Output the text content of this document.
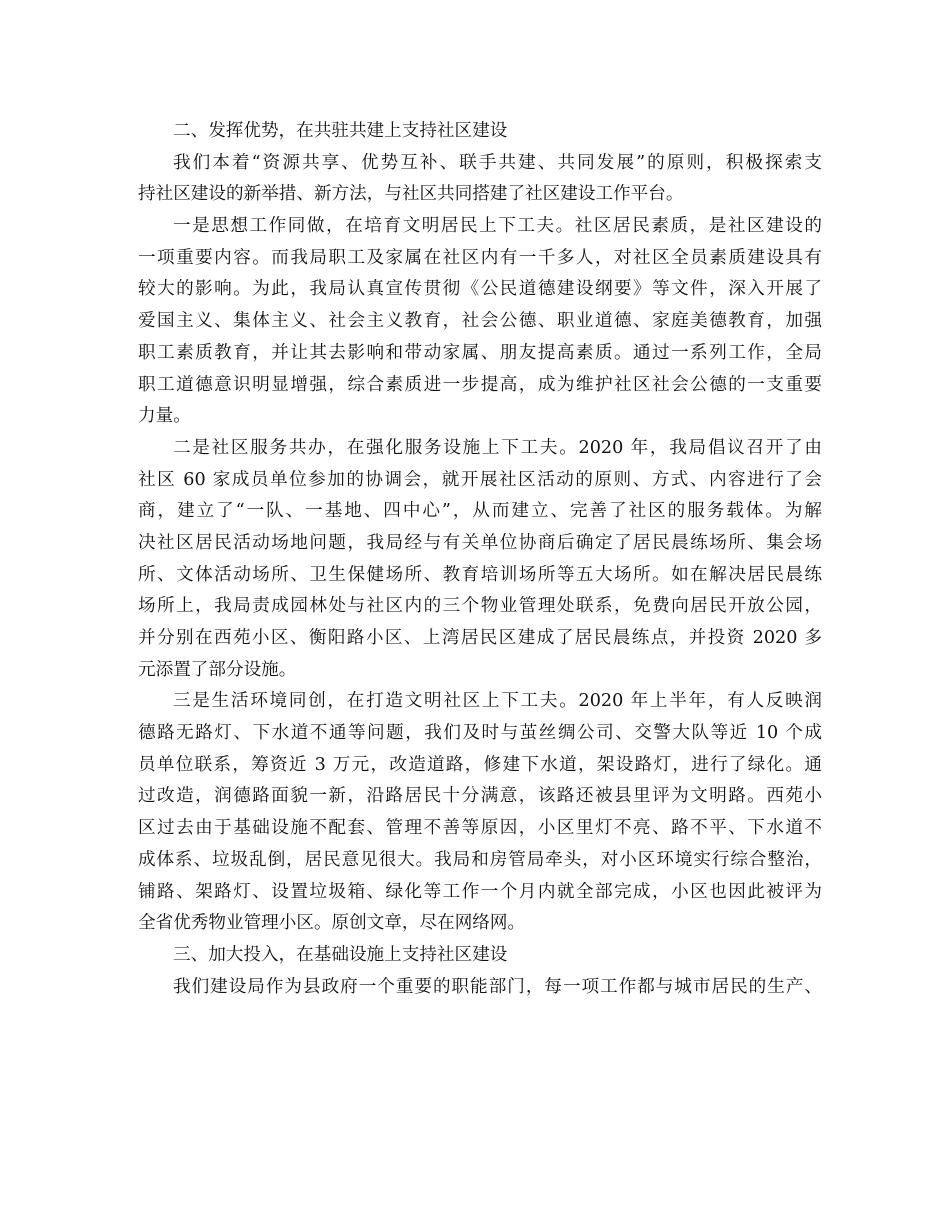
二、发挥优势，在共驻共建上支持社区建设
我们本着“资源共享、优势互补、联手共建、共同发展”的原则，积极探索支
持社区建设的新举措、新方法，与社区共同搭建了社区建设工作平台。
一是思想工作同做，在培育文明居民上下工夫。社区居民素质，是社区建设的
一项重要内容。而我局职工及家属在社区内有一千多人，对社区全员素质建设具有
较大的影响。为此，我局认真宣传贯彻《公民道德建设纲要》等文件，深入开展了
爱国主义、集体主义、社会主义教育，社会公德、职业道德、家庭美德教育，加强
职工素质教育，并让其去影响和带动家属、朋友提高素质。通过一系列工作，全局
职工道德意识明显增强，综合素质进一步提高，成为维护社区社会公德的一支重要
力量。
二是社区服务共办，在强化服务设施上下工夫。2020 年，我局倡议召开了由
社区 60 家成员单位参加的协调会，就开展社区活动的原则、方式、内容进行了会
商，建立了“一队、一基地、四中心”，从而建立、完善了社区的服务载体。为解
决社区居民活动场地问题，我局经与有关单位协商后确定了居民晨练场所、集会场
所、文体活动场所、卫生保健场所、教育培训场所等五大场所。如在解决居民晨练
场所上，我局责成园林处与社区内的三个物业管理处联系，免费向居民开放公园，
并分别在西苑小区、衡阳路小区、上湾居民区建成了居民晨练点，并投资 2020 多
元添置了部分设施。
三是生活环境同创，在打造文明社区上下工夫。2020 年上半年，有人反映润
德路无路灯、下水道不通等问题，我们及时与茧丝绸公司、交警大队等近 10 个成
员单位联系，筹资近 3 万元，改造道路，修建下水道，架设路灯，进行了绿化。通
过改造，润德路面貌一新，沿路居民十分满意，该路还被县里评为文明路。西苑小
区过去由于基础设施不配套、管理不善等原因，小区里灯不亮、路不平、下水道不
成体系、垃圾乱倒，居民意见很大。我局和房管局牵头，对小区环境实行综合整治，
铺路、架路灯、设置垃圾箱、绿化等工作一个月内就全部完成，小区也因此被评为
全省优秀物业管理小区。原创文章，尽在网络网。
三、加大投入，在基础设施上支持社区建设
我们建设局作为县政府一个重要的职能部门，每一项工作都与城市居民的生产、
